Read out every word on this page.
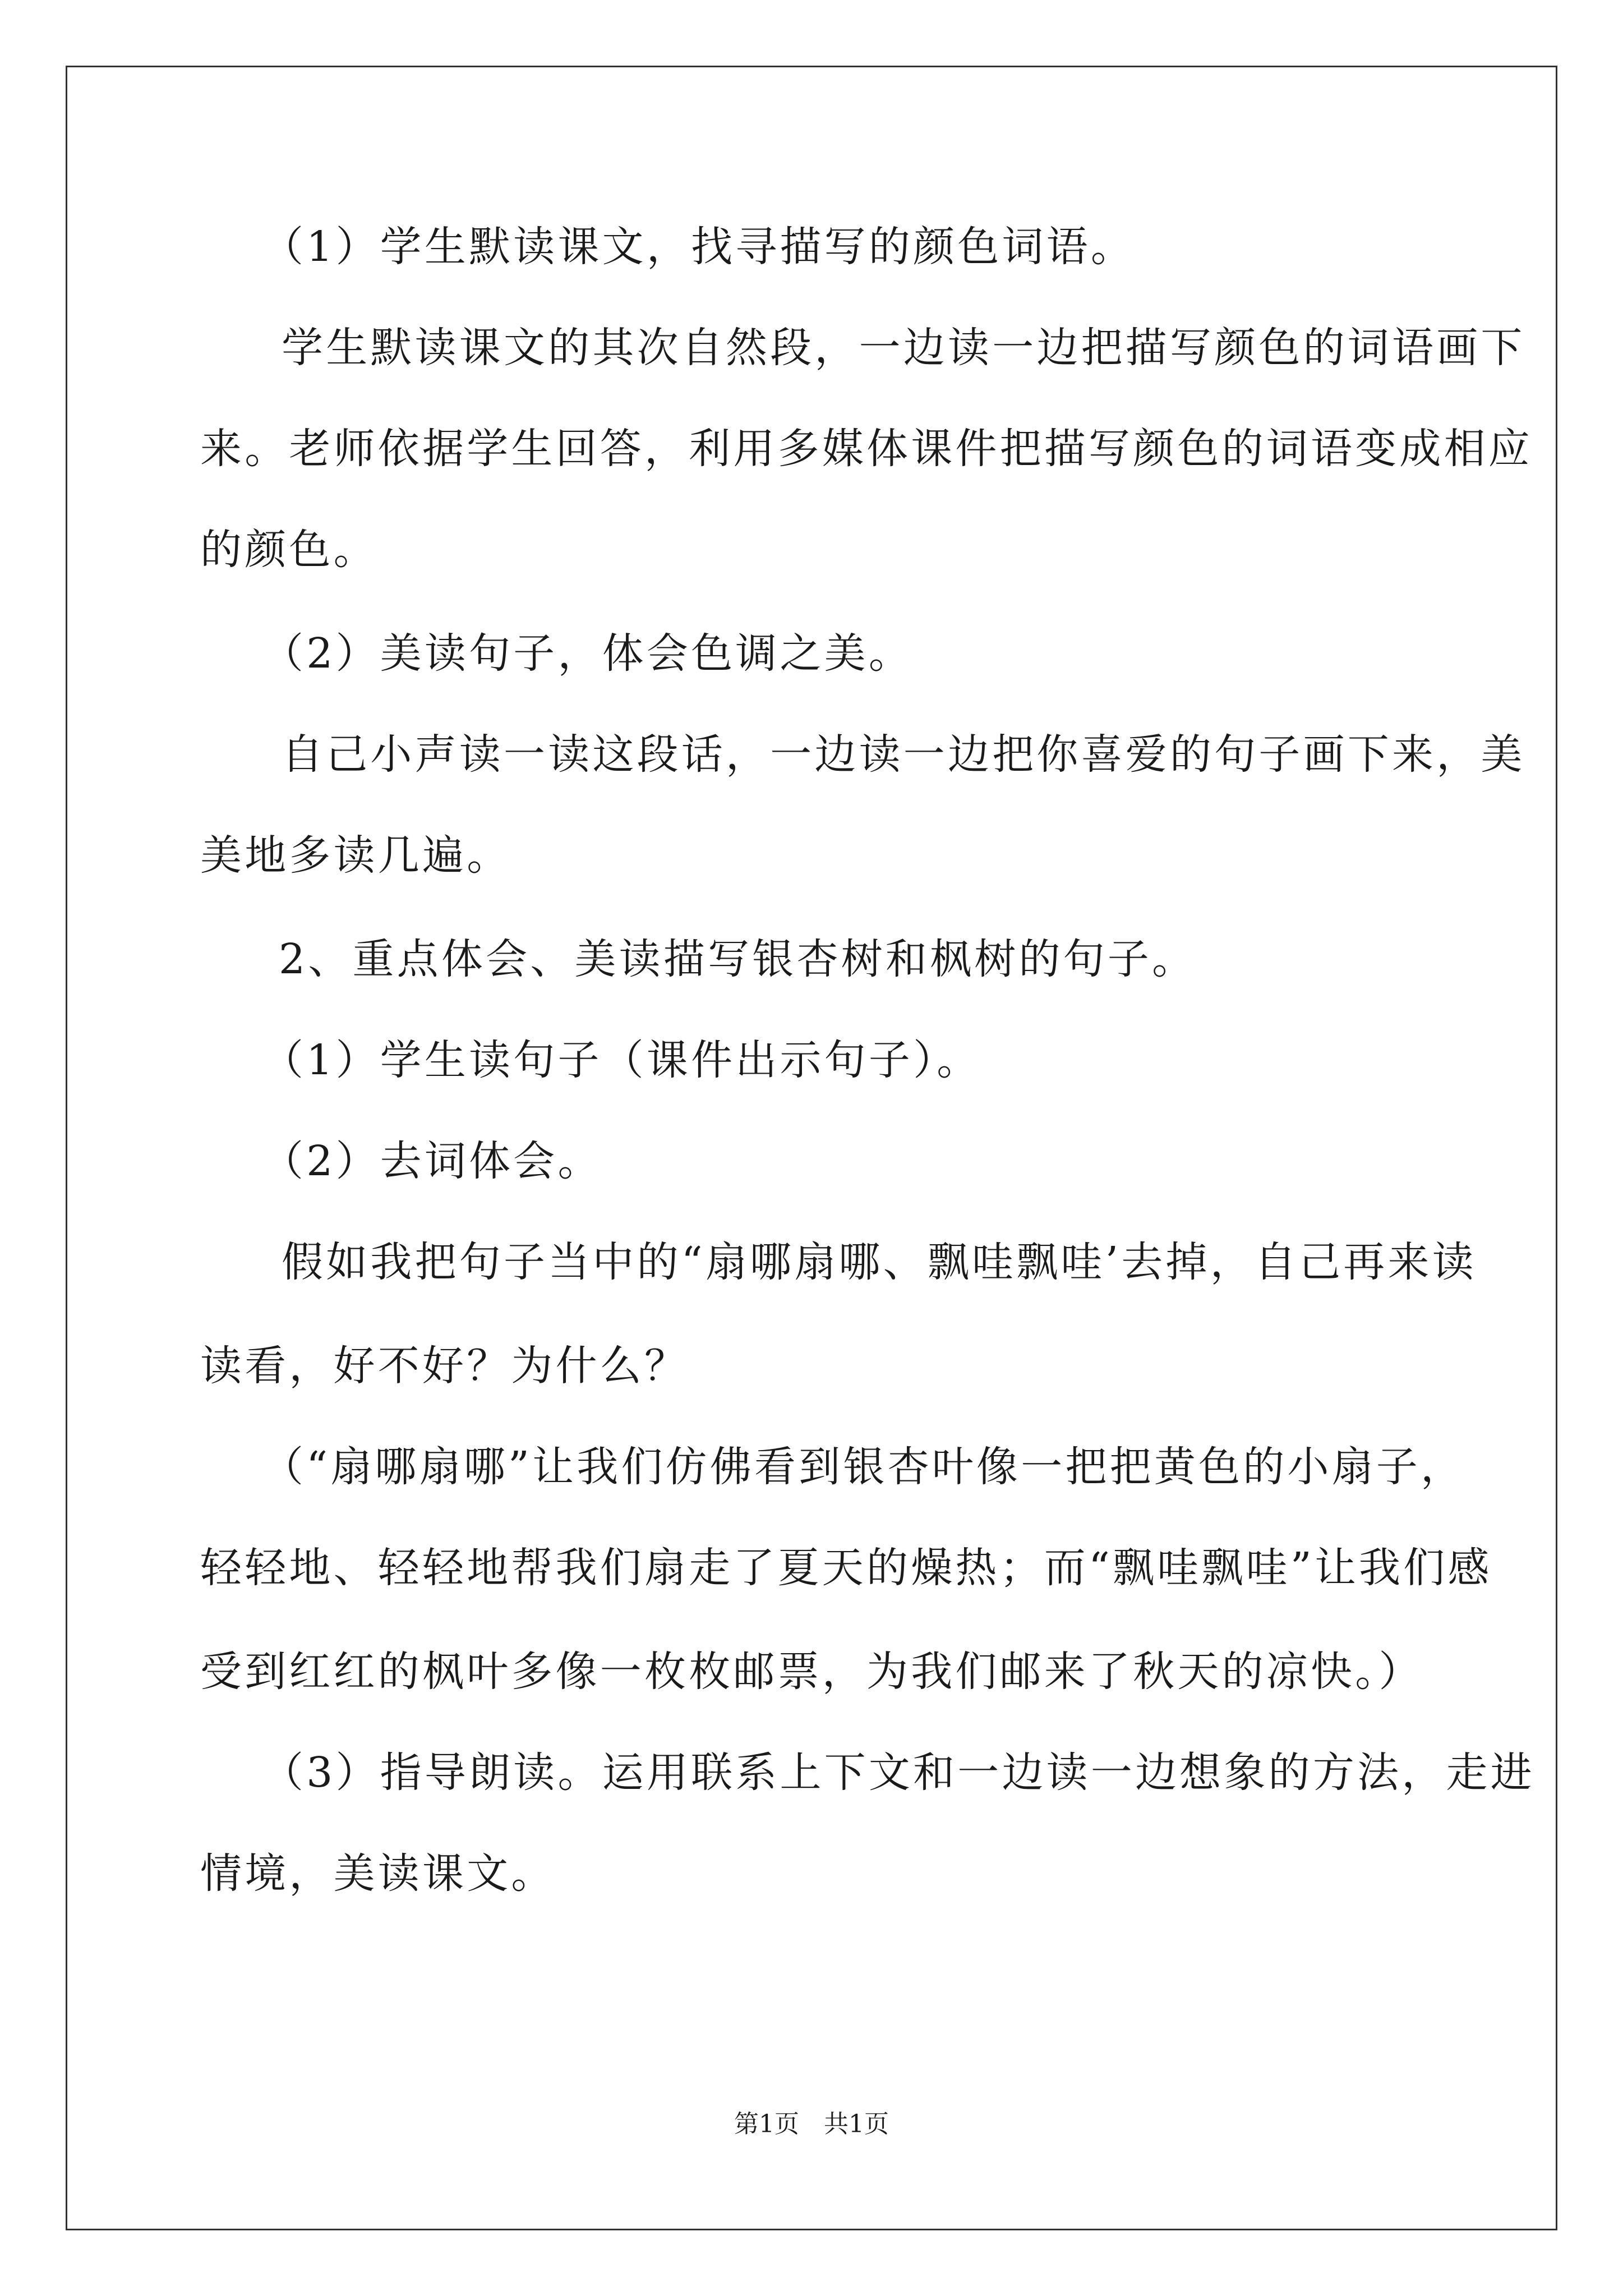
（1）学生默读课文，找寻描写的颜色词语。
学生默读课文的其次自然段，一边读一边把描写颜色的词语画下
来。老师依据学生回答，利用多媒体课件把描写颜色的词语变成相应
的颜色。
（2）美读句子，体会色调之美。
自己小声读一读这段话，一边读一边把你喜爱的句子画下来，美
美地多读几遍。
2、重点体会、美读描写银杏树和枫树的句子。
（1）学生读句子（课件出示句子）。
（2）去词体会。
假如我把句子当中的“扇哪扇哪、飘哇飘哇’去掉，自己再来读
读看，好不好？为什么？
（“扇哪扇哪”让我们仿佛看到银杏叶像一把把黄色的小扇子，
轻轻地、轻轻地帮我们扇走了夏天的燥热；而“飘哇飘哇”让我们感
受到红红的枫叶多像一枚枚邮票，为我们邮来了秋天的凉快。）
（3）指导朗读。运用联系上下文和一边读一边想象的方法，走进
情境，美读课文。
第1页　共1页
